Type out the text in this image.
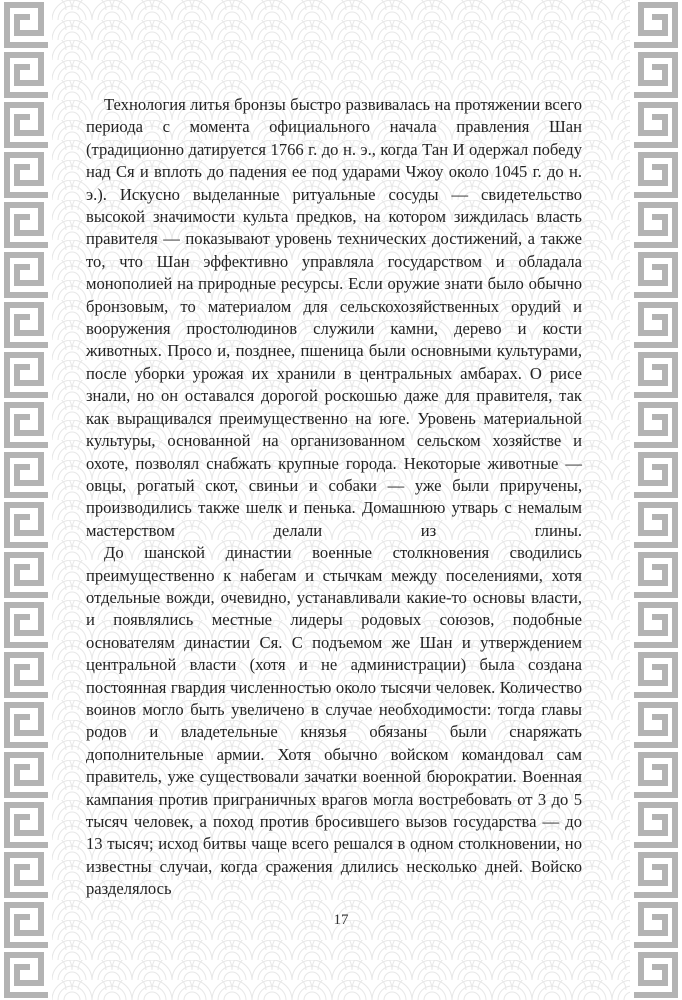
Технология литья бронзы быстро развивалась на протяжении всего периода с момента официального начала правления Шан (традиционно датируется 1766 г. до н. э., когда Тан И одержал победу над Ся и вплоть до падения ее под ударами Чжоу около 1045 г. до н. э.). Искусно выделанные ритуальные сосуды — свидетельство высокой значимости культа предков, на котором зиждилась власть правителя — показывают уровень технических достижений, а также то, что Шан эффективно управляла государством и обладала монополией на природные ресурсы. Если оружие знати было обычно бронзовым, то материалом для сельскохозяйственных орудий и вооружения простолюдинов служили камни, дерево и кости животных. Просо и, позднее, пшеница были основными культурами, после уборки урожая их хранили в центральных амбарах. О рисе знали, но он оставался дорогой роскошью даже для правителя, так как выращивался преимущественно на юге. Уровень материальной культуры, основанной на организованном сельском хозяйстве и охоте, позволял снабжать крупные города. Некоторые животные — овцы, рогатый скот, свиньи и собаки — уже были приручены, производились также шелк и пенька. Домашнюю утварь с немалым мастерством делали из глины.

До шанской династии военные столкновения сводились преимущественно к набегам и стычкам между поселениями, хотя отдельные вожди, очевидно, устанавливали какие-то основы власти, и появлялись местные лидеры родовых союзов, подобные основателям династии Ся. С подъемом же Шан и утверждением центральной власти (хотя и не администрации) была создана постоянная гвардия численностью около тысячи человек. Количество воинов могло быть увеличено в случае необходимости: тогда главы родов и владетельные князья обязаны были снаряжать дополнительные армии. Хотя обычно войском командовал сам правитель, уже существовали зачатки военной бюрократии. Военная кампания против приграничных врагов могла востребовать от 3 до 5 тысяч человек, а поход против бросившего вызов государства — до 13 тысяч; исход битвы чаще всего решался в одном столкновении, но известны случаи, когда сражения длились несколько дней. Войско разделялось

17
